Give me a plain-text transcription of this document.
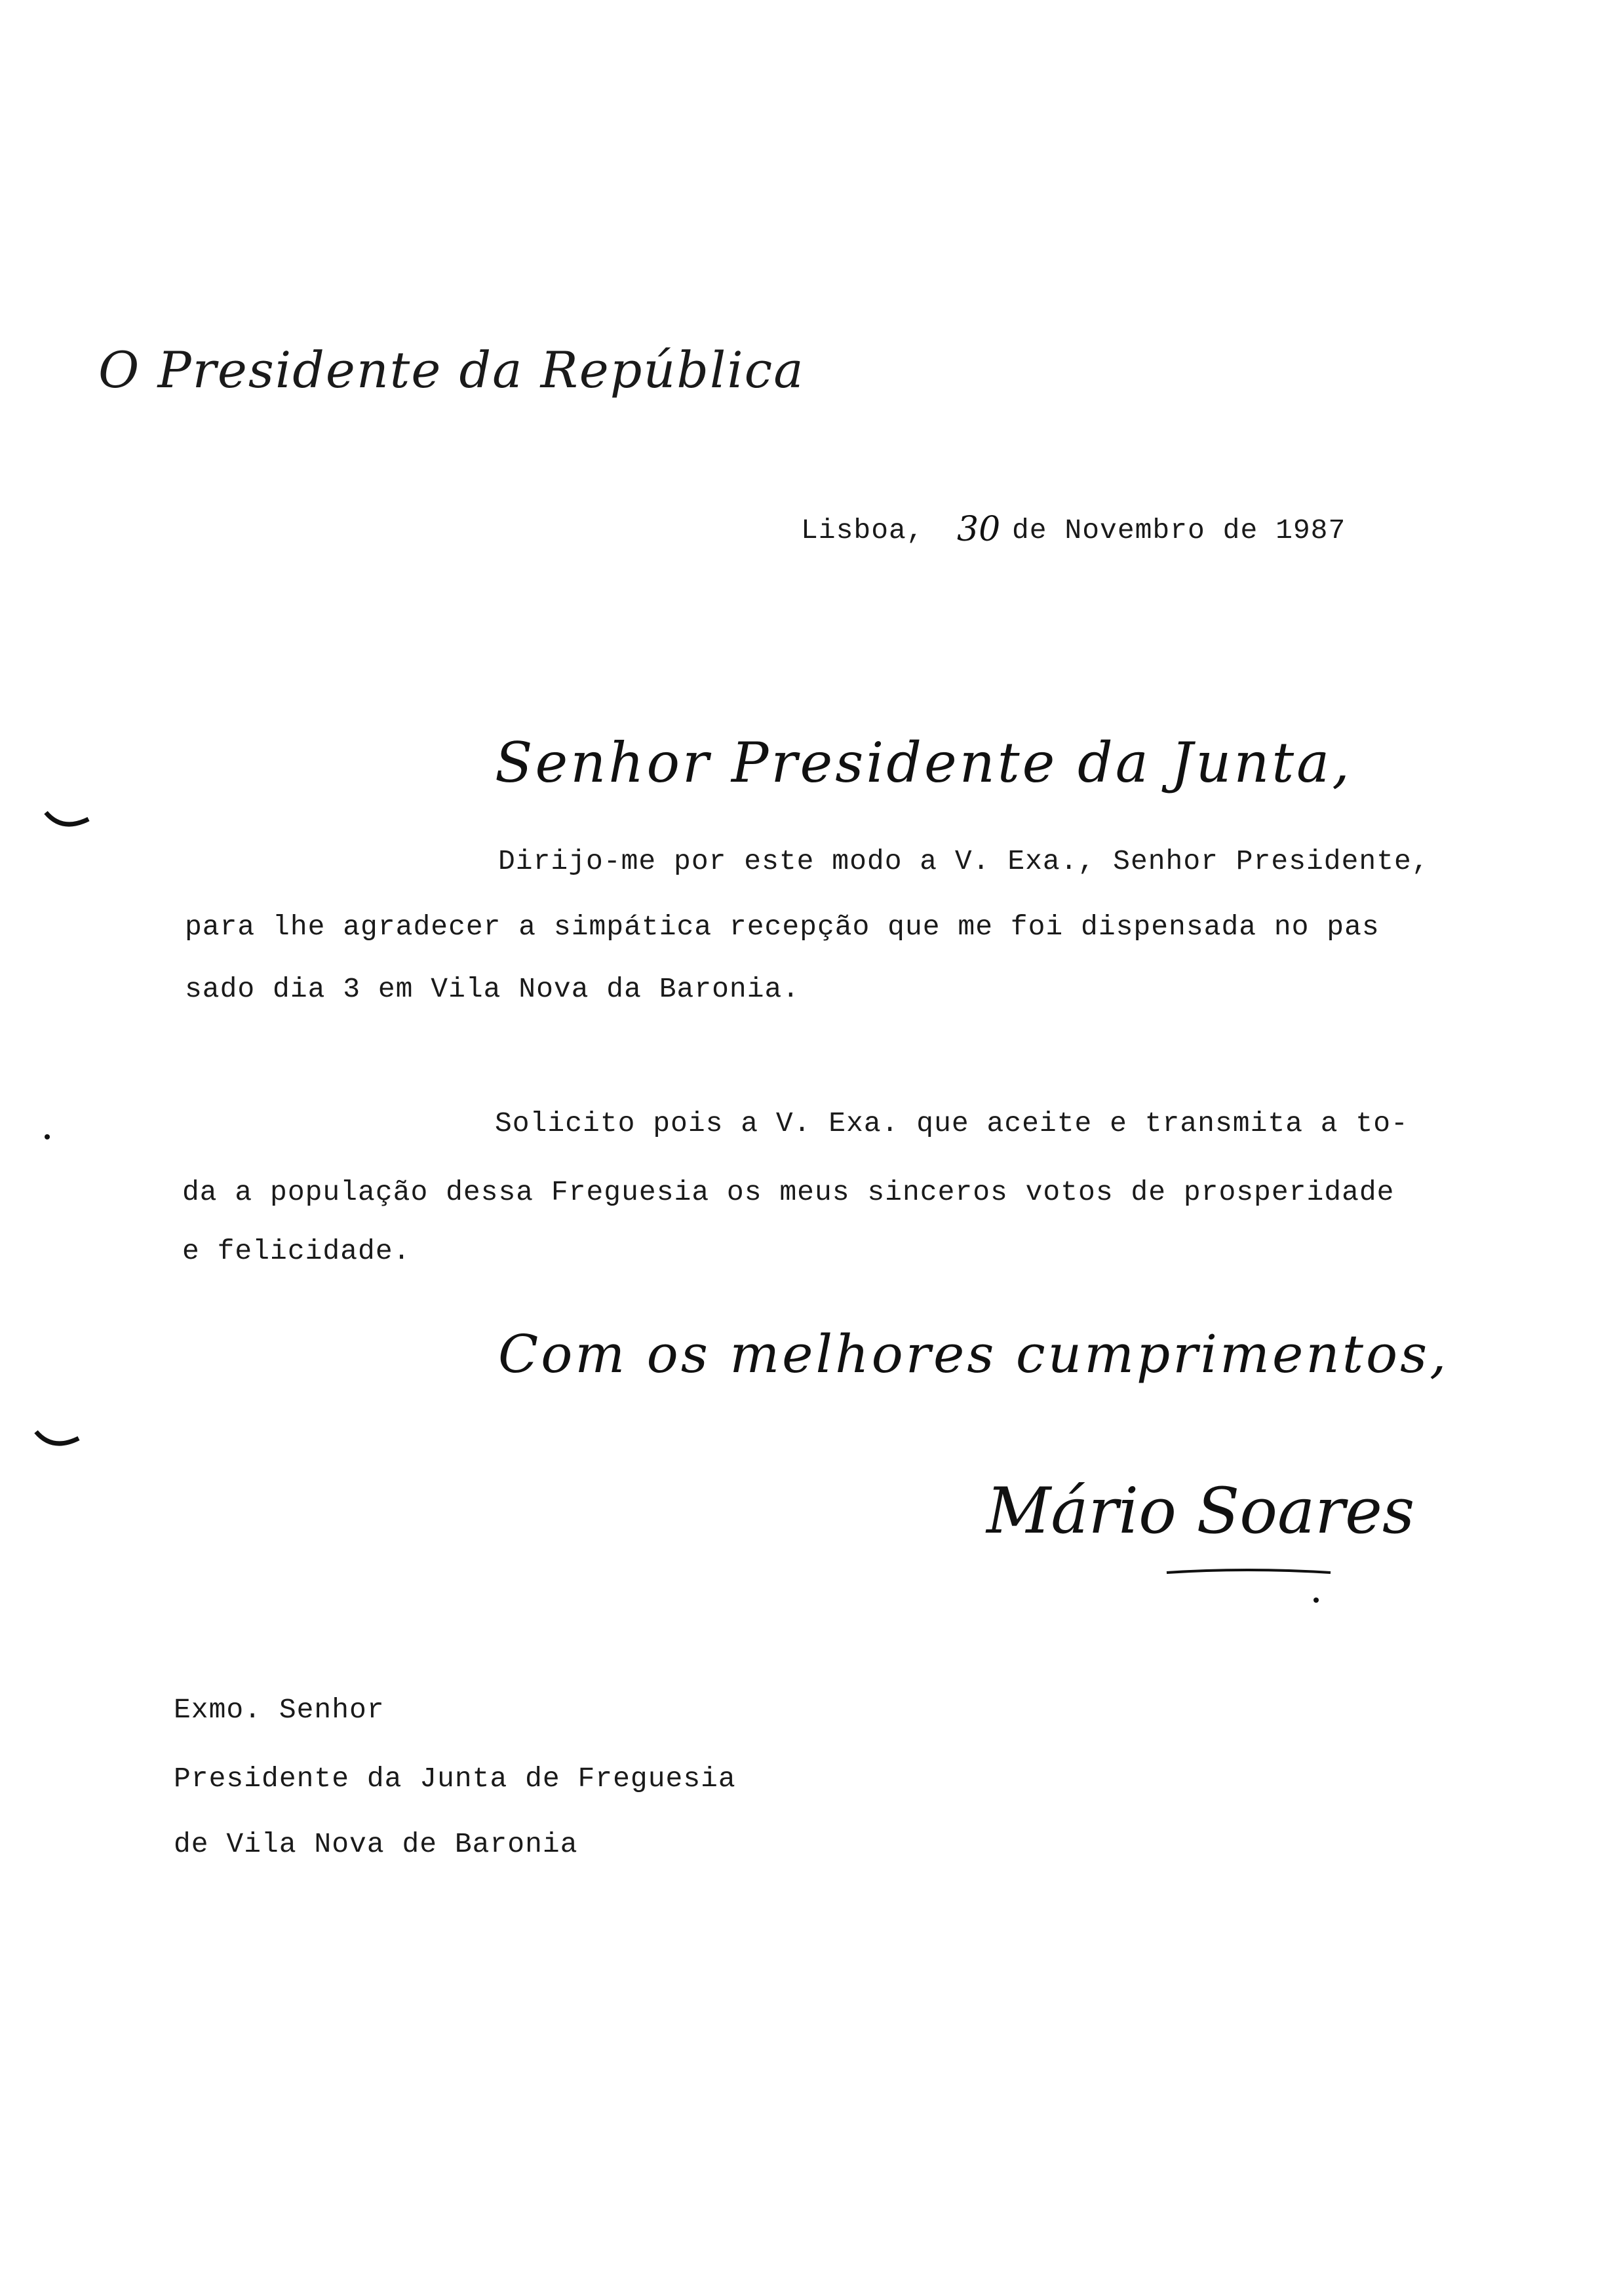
O Presidente da República
Lisboa, 30 de Novembro de 1987
Senhor Presidente da Junta,
Dirijo-me por este modo a V. Exa., Senhor Presidente,
para lhe agradecer a simpática recepção que me foi dispensada no pas
sado dia 3 em Vila Nova da Baronia.
Solicito pois a V. Exa. que aceite e transmita a to-
da a população dessa Freguesia os meus sinceros votos de prosperidade
e felicidade.
Com os melhores cumprimentos,
Mário Soares
Exmo. Senhor
Presidente da Junta de Freguesia
de Vila Nova de Baronia
